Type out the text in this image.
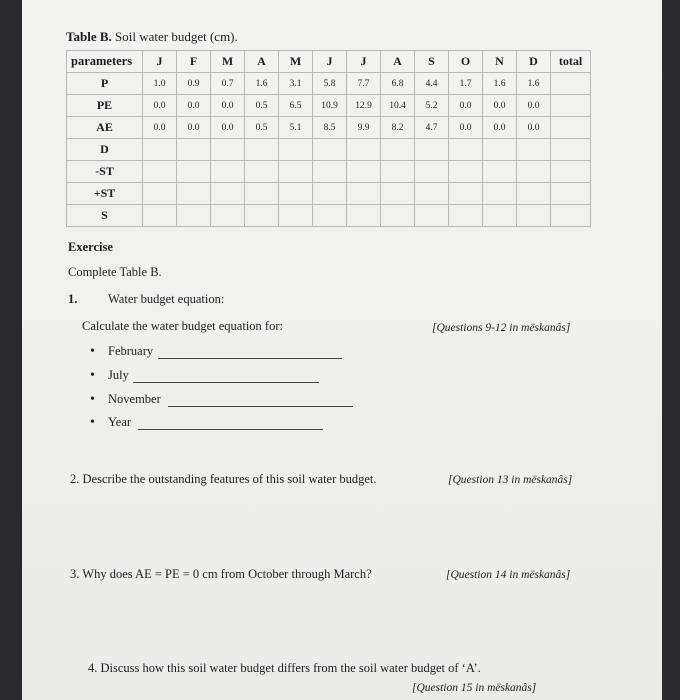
Table B. Soil water budget (cm).
parameters	J	F	M	A	M	J	J	A	S	O	N	D	total
P	1.0	0.9	0.7	1.6	3.1	5.8	7.7	6.8	4.4	1.7	1.6	1.6	
PE	0.0	0.0	0.0	0.5	6.5	10.9	12.9	10.4	5.2	0.0	0.0	0.0	
AE	0.0	0.0	0.0	0.5	5.1	8.5	9.9	8.2	4.7	0.0	0.0	0.0	
D													
-ST													
+ST													
S													
Exercise
Complete Table B.
1. Water budget equation:
Calculate the water budget equation for:	[Questions 9-12 in mëskanâs]
• February
• July
• November
• Year
2. Describe the outstanding features of this soil water budget.	[Question 13 in mëskanâs]
3. Why does AE = PE = 0 cm from October through March?	[Question 14 in mëskanâs]
4. Discuss how this soil water budget differs from the soil water budget of ‘A’.
[Question 15 in mëskanâs]
